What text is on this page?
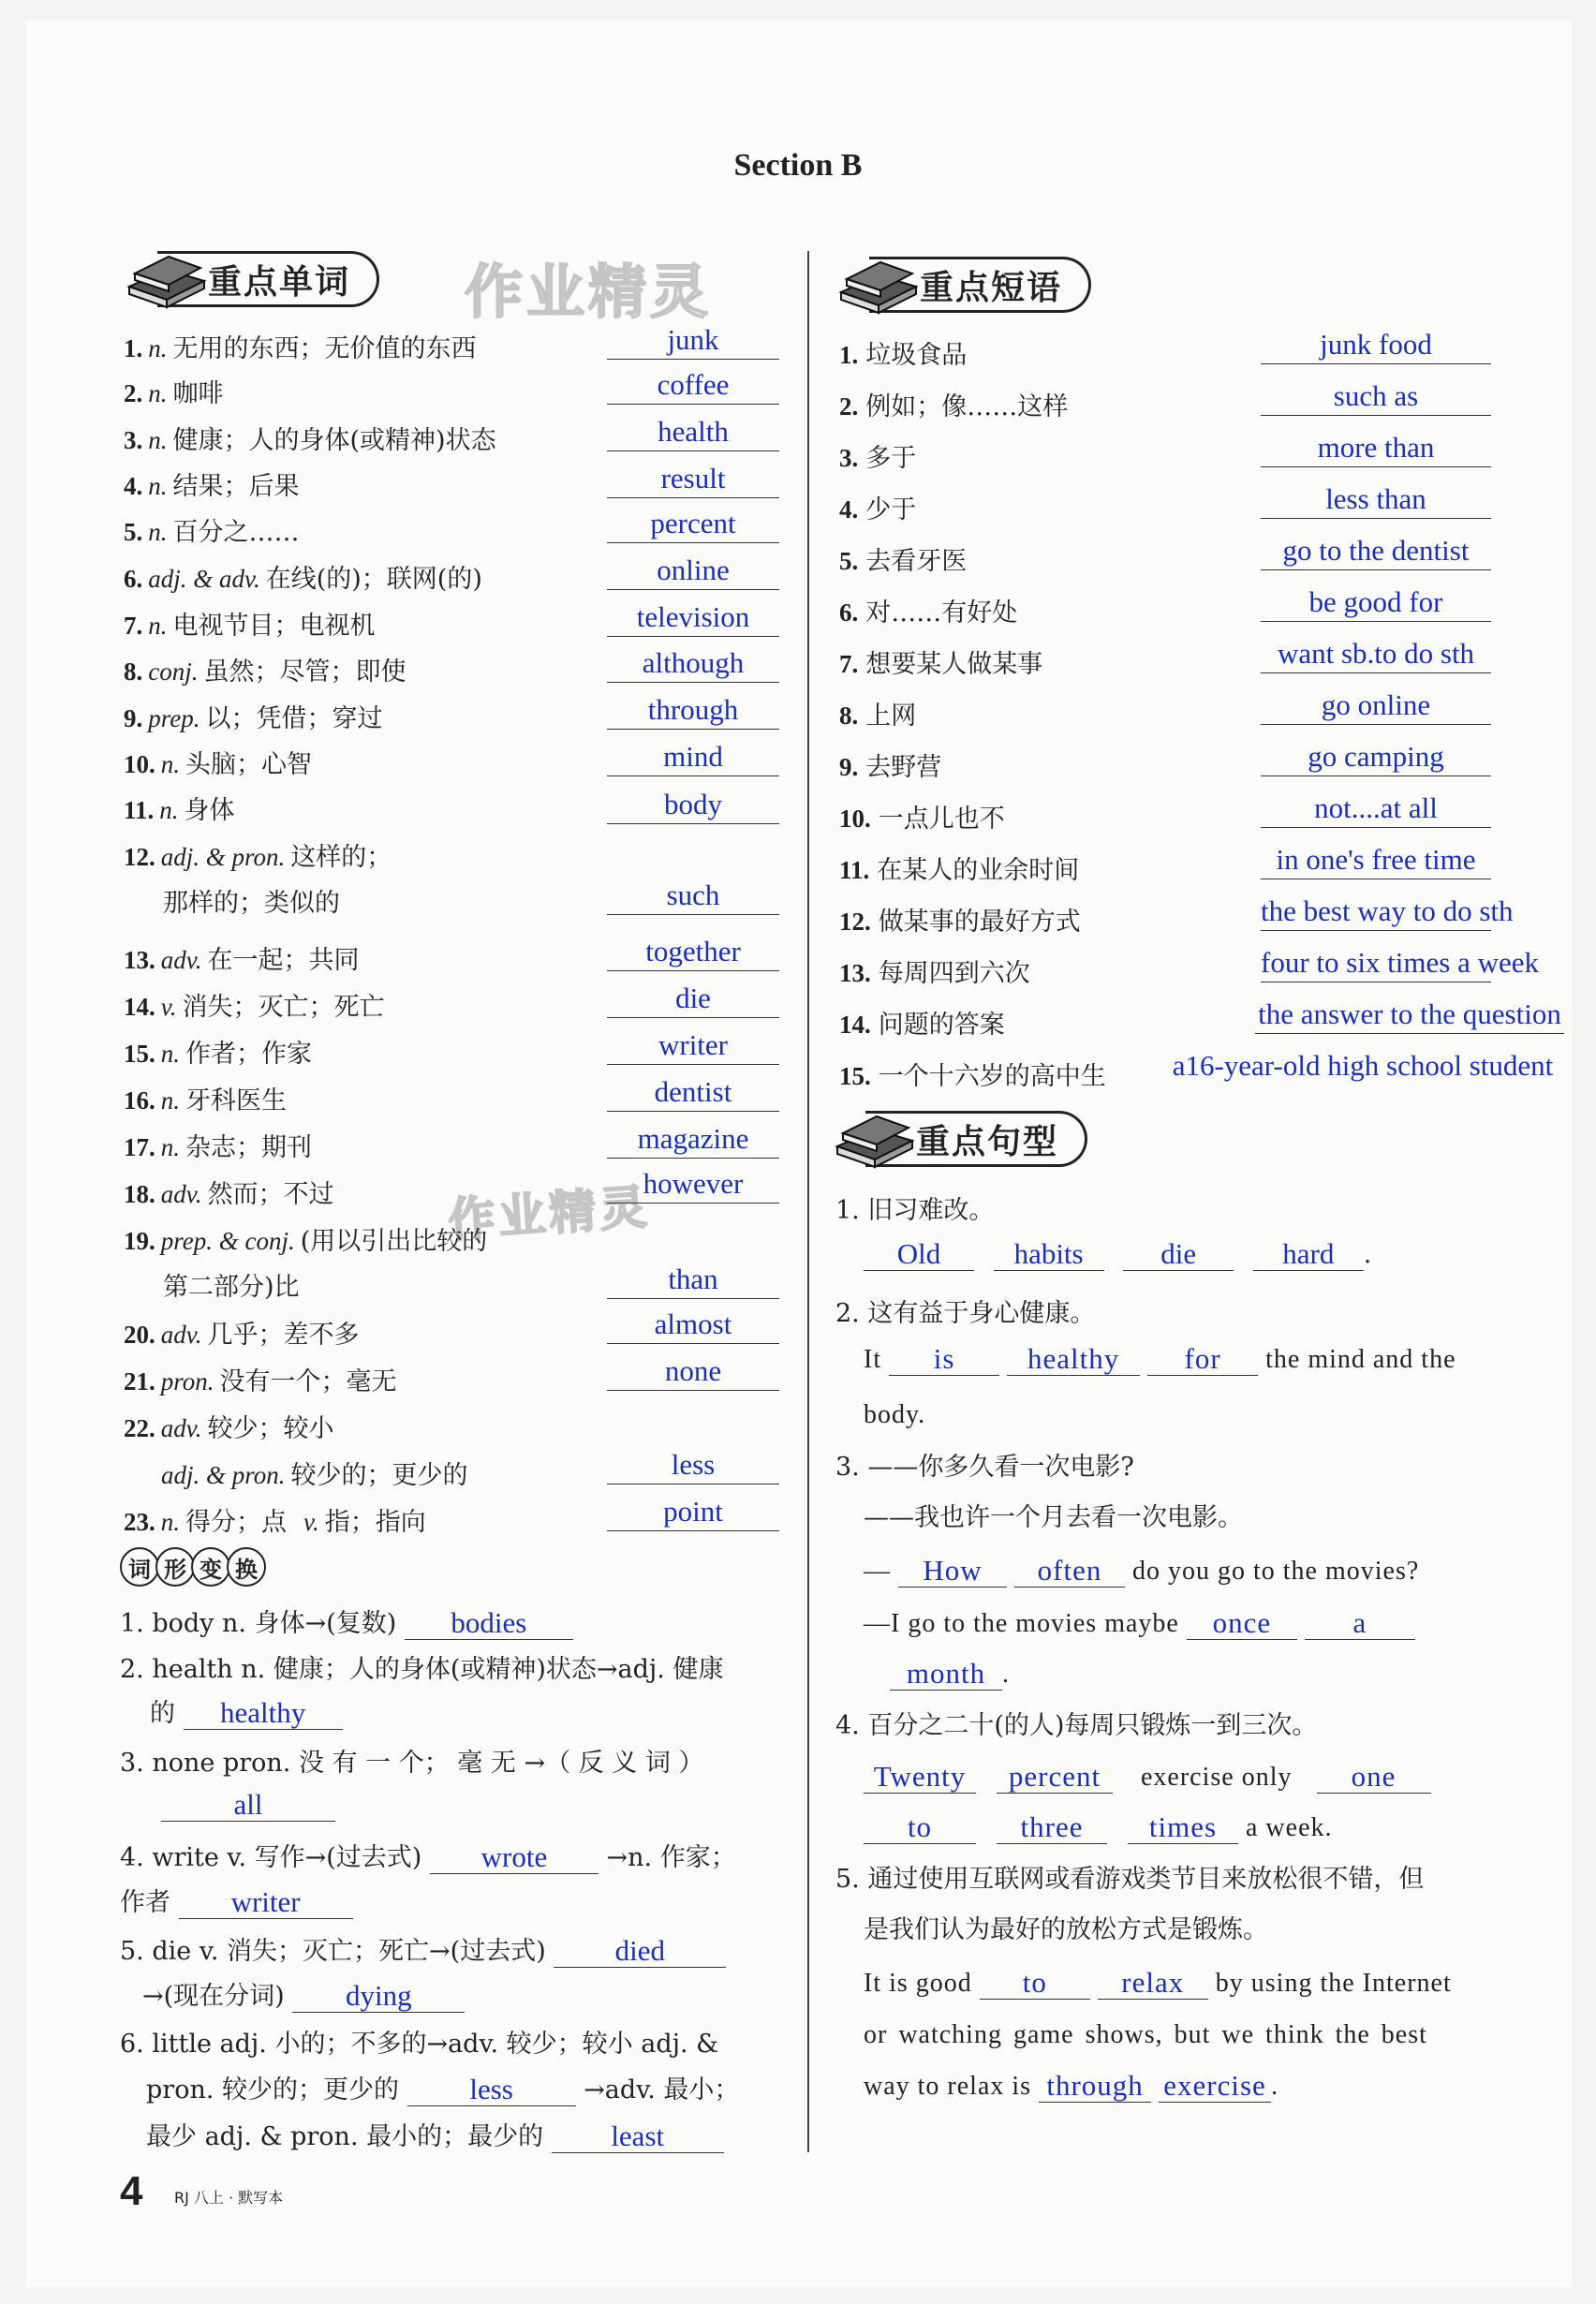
Section B
重点单词	作业精灵
作业精灵
1. n. 无用的东西；无价值的东西	junk
2. n. 咖啡	coffee
3. n. 健康；人的身体(或精神)状态	health
4. n. 结果；后果	result
5. n. 百分之……	percent
6. adj. & adv. 在线(的)；联网(的)	online
7. n. 电视节目；电视机	television
8. conj. 虽然；尽管；即使	although
9. prep. 以；凭借；穿过	through
10. n. 头脑；心智	mind
11. n. 身体	body
12. adj. & pron. 这样的；
那样的；类似的	such
13. adv. 在一起；共同	together
14. v. 消失；灭亡；死亡	die
15. n. 作者；作家	writer
16. n. 牙科医生	dentist
17. n. 杂志；期刊	magazine
18. adv. 然而；不过	however
19. prep. & conj. (用以引出比较的
第二部分)比	than
20. adv. 几乎；差不多	almost
21. pron. 没有一个；毫无	none
22. adv. 较少；较小
adj. & pron. 较少的；更少的	less
23. n. 得分；点 v. 指；指向	point
词 形 变 换
1. body n. 身体→(复数) bodies
2. health n. 健康；人的身体(或精神)状态→adj. 健康
的 healthy
3. none pron. 没 有 一 个； 毫 无 →（ 反 义 词 ）
all
4. write v. 写作→(过去式) wrote →n. 作家；
作者 writer
5. die v. 消失；灭亡；死亡→(过去式) died
→(现在分词) dying
6. little adj. 小的；不多的→adv. 较少；较小 adj. &
pron. 较少的；更少的 less	→adv. 最小；
最少 adj. & pron. 最小的；最少的 least
重点短语
1. 垃圾食品	junk food
2. 例如；像……这样	such as
3. 多于	more than
4. 少于	less than
5. 去看牙医	go to the dentist
6. 对……有好处	be good for
7. 想要某人做某事	want sb.to do sth
8. 上网	go online
9. 去野营	go camping
10. 一点儿也不	not....at all
11. 在某人的业余时间	in one's free time
12. 做某事的最好方式	the best way to do sth
13. 每周四到六次	four to six times a week
14. 问题的答案	the answer to the question
15. 一个十六岁的高中生	a16-year-old high school student
重点句型
1. 旧习难改。
Old	habits	die	hard .
2. 这有益于身心健康。
It is	healthy for the mind and the
body.
3. ——你多久看一次电影?
——我也许一个月去看一次电影。
— How often do you go to the movies?
—I go to the movies maybe once	a
month .
4. 百分之二十(的人)每周只锻炼一到三次。
Twenty percent exercise only one
to	three times a week.
5. 通过使用互联网或看游戏类节目来放松很不错，但
是我们认为最好的放松方式是锻炼。
It is good to	relax by using the Internet
or watching game shows, but we think the best
way to relax is through exercise .
4 RJ 八上 · 默写本
